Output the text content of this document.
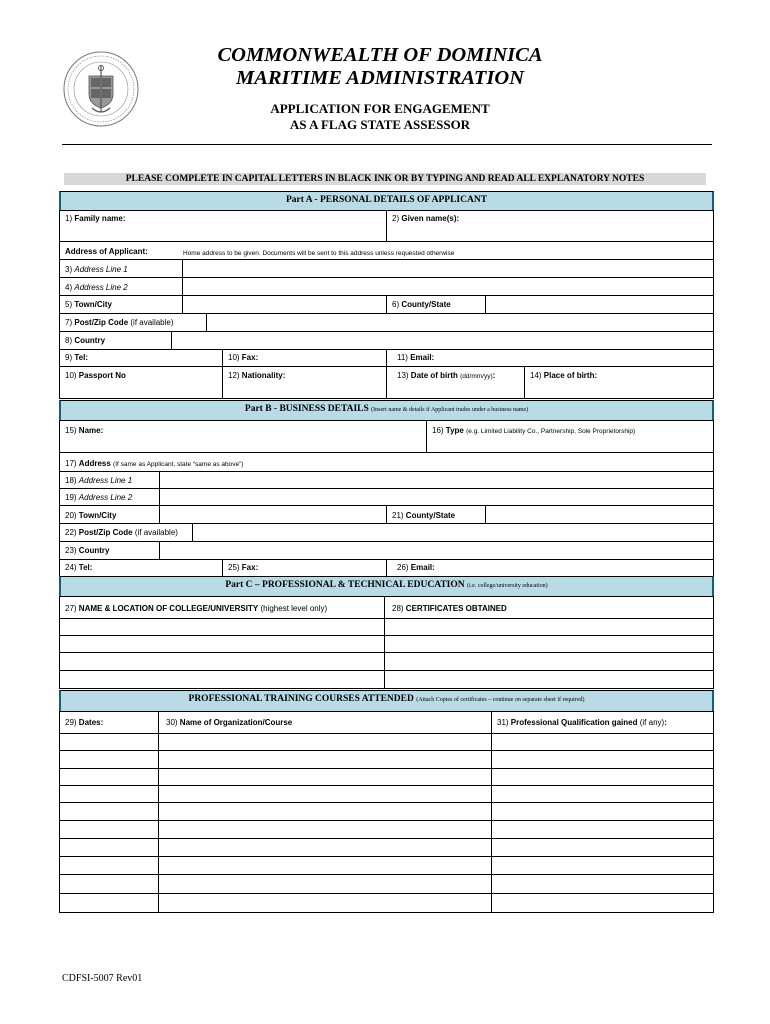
COMMONWEALTH OF DOMINICA
MARITIME ADMINISTRATION
APPLICATION FOR ENGAGEMENT
AS A FLAG STATE ASSESSOR
PLEASE COMPLETE IN CAPITAL LETTERS IN BLACK INK OR BY TYPING AND READ ALL EXPLANATORY NOTES
Part A - PERSONAL DETAILS OF APPLICANT
1) Family name:	2) Given name(s):
Address of Applicant:	Home address to be given. Documents will be sent to this address unless requested otherwise
3) Address Line 1
4) Address Line 2
5) Town/City	6) County/State
7) Post/Zip Code (if available)
8) Country
9) Tel:	10) Fax:	11) Email:
10) Passport No	12) Nationality:	13) Date of birth (dd/mm/yy):	14) Place of birth:
Part B - BUSINESS DETAILS (Insert name & details if Applicant trades under a business name)
15) Name:	16) Type (e.g. Limited Liability Co., Partnership, Sole Proprietorship)
17) Address (If same as Applicant, state “same as above”)
18) Address Line 1
19) Address Line 2
20) Town/City	21) County/State
22) Post/Zip Code (if available)
23) Country
24) Tel:	25) Fax:	26) Email:
Part C – PROFESSIONAL & TECHNICAL EDUCATION (i.e. college/university education)
27) NAME & LOCATION OF COLLEGE/UNIVERSITY (highest level only)	28) CERTIFICATES OBTAINED
PROFESSIONAL TRAINING COURSES ATTENDED (Attach Copies of certificates – continue on separate sheet if required)
29) Dates:	30) Name of Organization/Course	31) Professional Qualification gained (if any):
CDFSI-5007 Rev01
